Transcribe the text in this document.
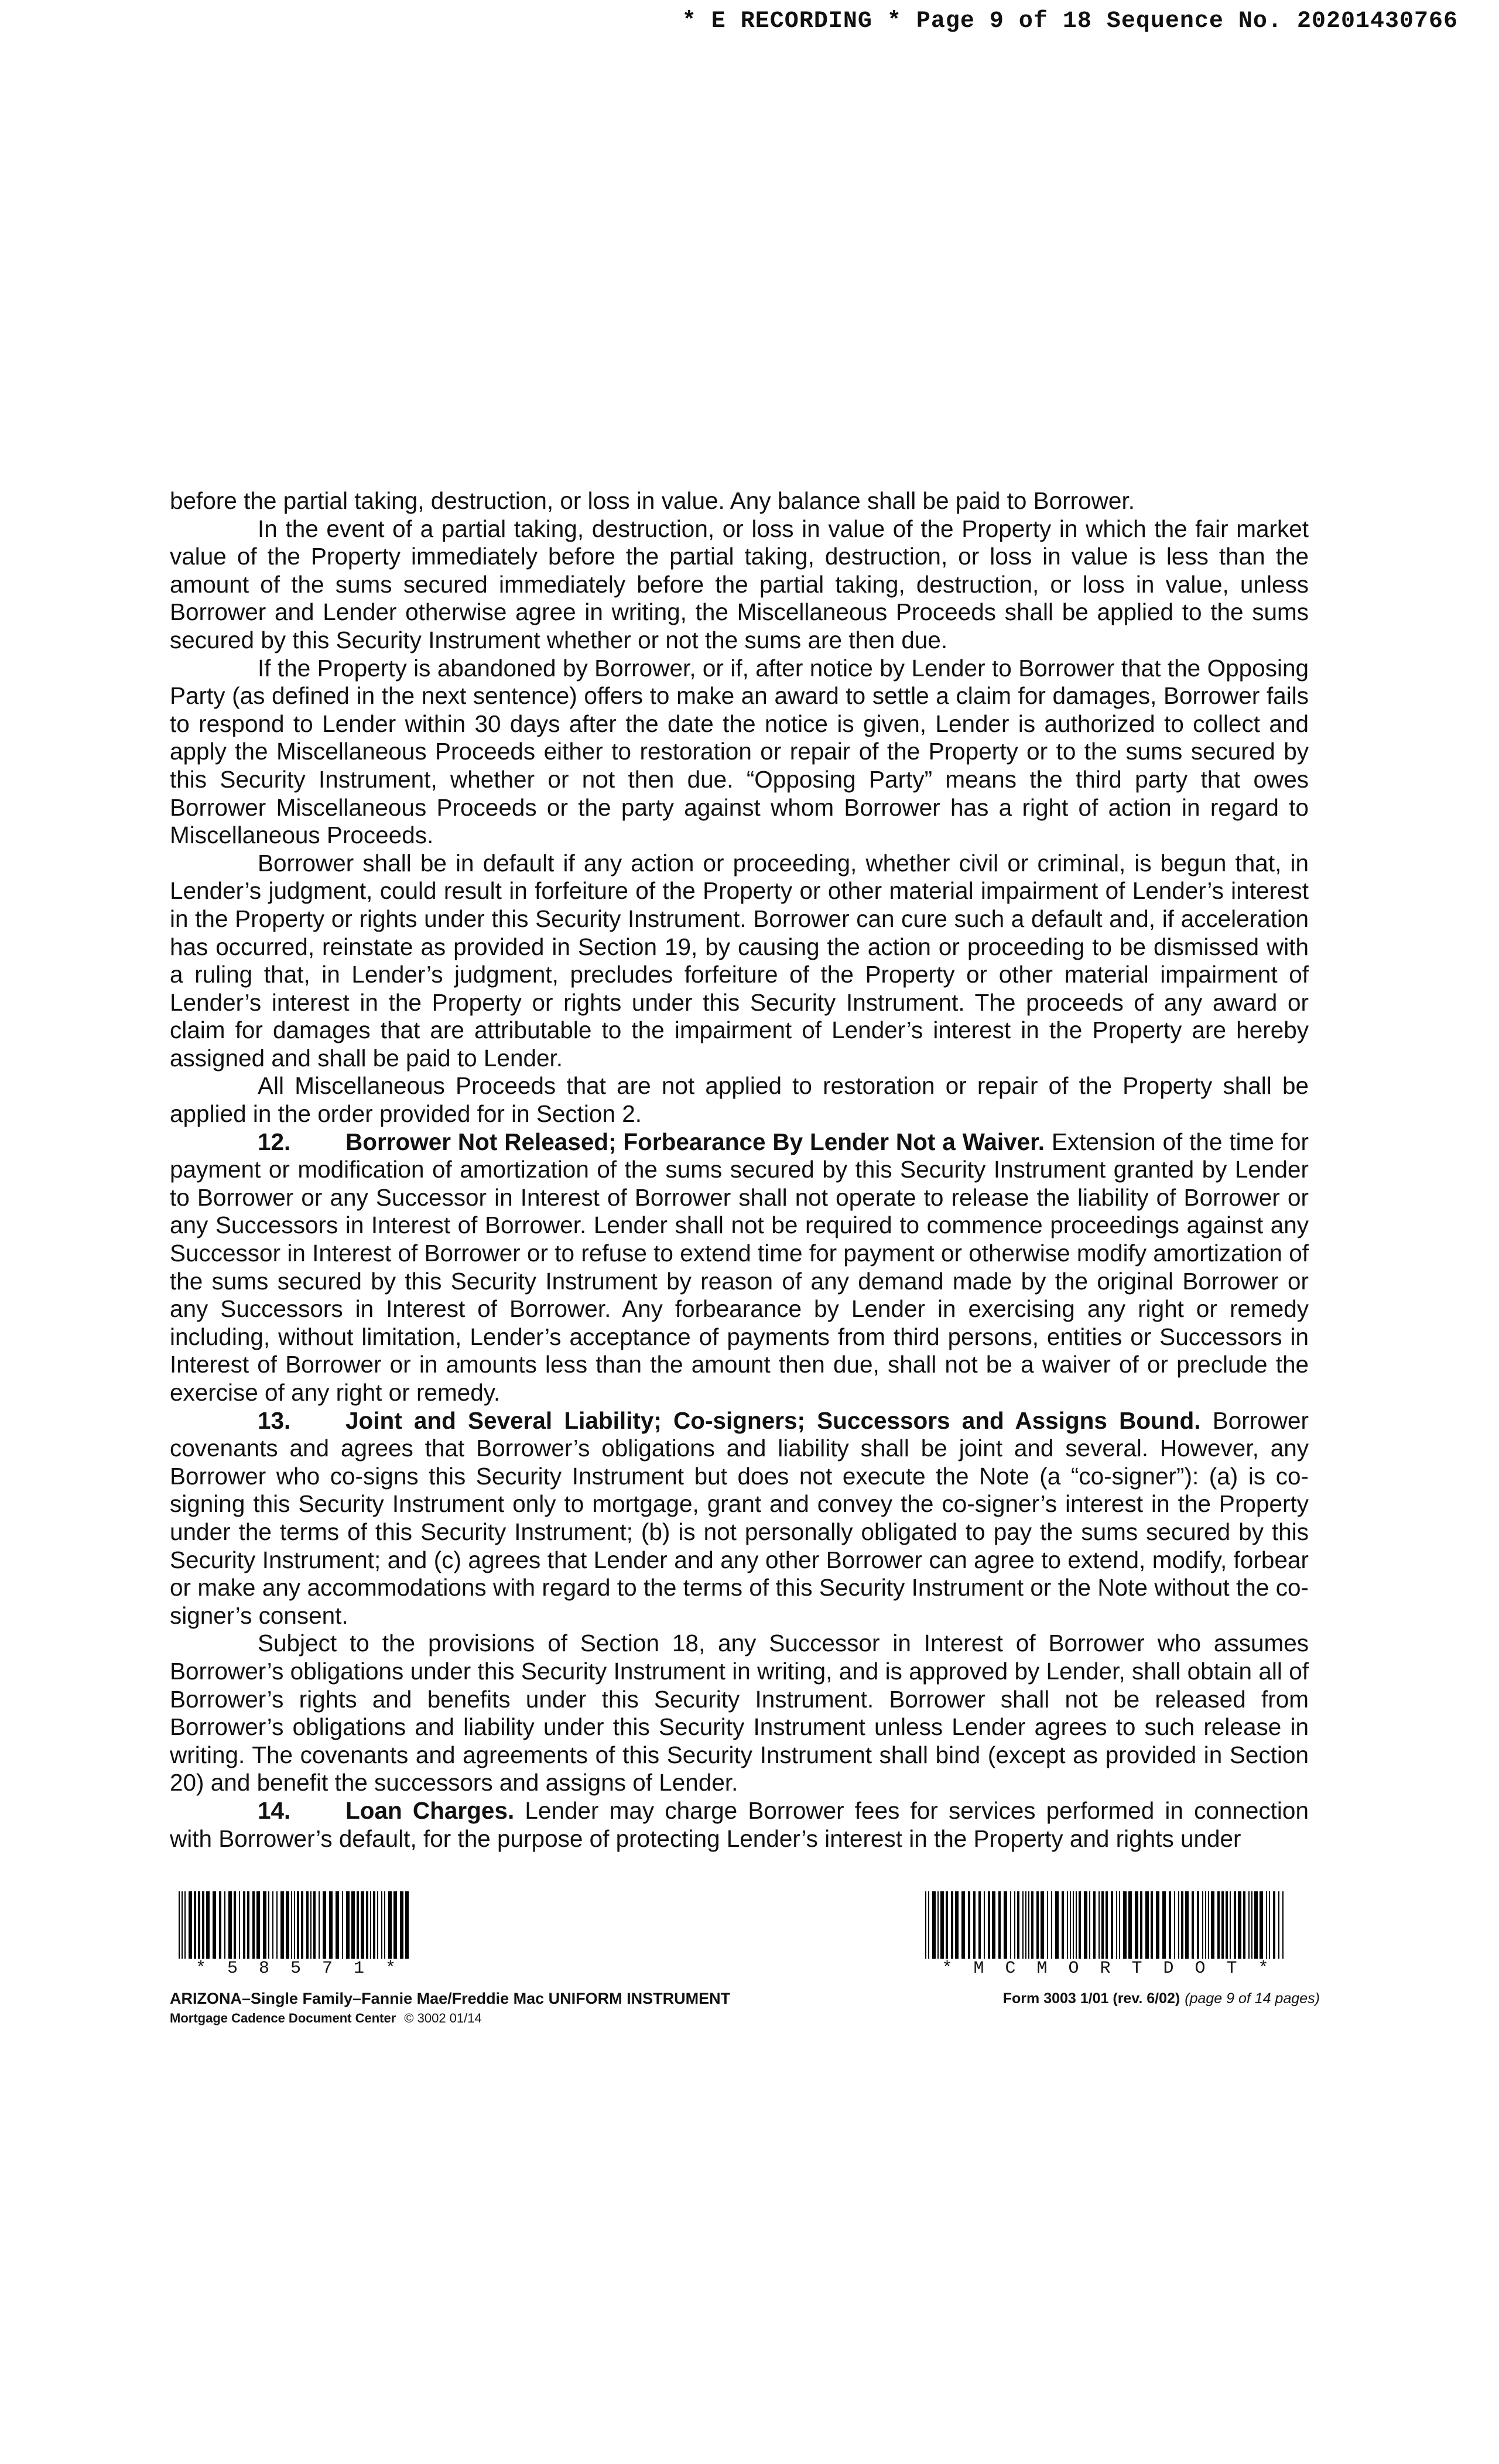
* E RECORDING * Page 9 of 18 Sequence No. 20201430766

before the partial taking, destruction, or loss in value. Any balance shall be paid to Borrower.

In the event of a partial taking, destruction, or loss in value of the Property in which the fair market value of the Property immediately before the partial taking, destruction, or loss in value is less than the amount of the sums secured immediately before the partial taking, destruction, or loss in value, unless Borrower and Lender otherwise agree in writing, the Miscellaneous Proceeds shall be applied to the sums secured by this Security Instrument whether or not the sums are then due.

If the Property is abandoned by Borrower, or if, after notice by Lender to Borrower that the Opposing Party (as defined in the next sentence) offers to make an award to settle a claim for damages, Borrower fails to respond to Lender within 30 days after the date the notice is given, Lender is authorized to collect and apply the Miscellaneous Proceeds either to restoration or repair of the Property or to the sums secured by this Security Instrument, whether or not then due. “Opposing Party” means the third party that owes Borrower Miscellaneous Proceeds or the party against whom Borrower has a right of action in regard to Miscellaneous Proceeds.

Borrower shall be in default if any action or proceeding, whether civil or criminal, is begun that, in Lender’s judgment, could result in forfeiture of the Property or other material impairment of Lender’s interest in the Property or rights under this Security Instrument. Borrower can cure such a default and, if acceleration has occurred, reinstate as provided in Section 19, by causing the action or proceeding to be dismissed with a ruling that, in Lender’s judgment, precludes forfeiture of the Property or other material impairment of Lender’s interest in the Property or rights under this Security Instrument. The proceeds of any award or claim for damages that are attributable to the impairment of Lender’s interest in the Property are hereby assigned and shall be paid to Lender.

All Miscellaneous Proceeds that are not applied to restoration or repair of the Property shall be applied in the order provided for in Section 2.

12. Borrower Not Released; Forbearance By Lender Not a Waiver. Extension of the time for payment or modification of amortization of the sums secured by this Security Instrument granted by Lender to Borrower or any Successor in Interest of Borrower shall not operate to release the liability of Borrower or any Successors in Interest of Borrower. Lender shall not be required to commence proceedings against any Successor in Interest of Borrower or to refuse to extend time for payment or otherwise modify amortization of the sums secured by this Security Instrument by reason of any demand made by the original Borrower or any Successors in Interest of Borrower. Any forbearance by Lender in exercising any right or remedy including, without limitation, Lender’s acceptance of payments from third persons, entities or Successors in Interest of Borrower or in amounts less than the amount then due, shall not be a waiver of or preclude the exercise of any right or remedy.

13. Joint and Several Liability; Co-signers; Successors and Assigns Bound. Borrower covenants and agrees that Borrower’s obligations and liability shall be joint and several. However, any Borrower who co-signs this Security Instrument but does not execute the Note (a “co-signer”): (a) is co-signing this Security Instrument only to mortgage, grant and convey the co-signer’s interest in the Property under the terms of this Security Instrument; (b) is not personally obligated to pay the sums secured by this Security Instrument; and (c) agrees that Lender and any other Borrower can agree to extend, modify, forbear or make any accommodations with regard to the terms of this Security Instrument or the Note without the co-signer’s consent.

Subject to the provisions of Section 18, any Successor in Interest of Borrower who assumes Borrower’s obligations under this Security Instrument in writing, and is approved by Lender, shall obtain all of Borrower’s rights and benefits under this Security Instrument. Borrower shall not be released from Borrower’s obligations and liability under this Security Instrument unless Lender agrees to such release in writing. The covenants and agreements of this Security Instrument shall bind (except as provided in Section 20) and benefit the successors and assigns of Lender.

14. Loan Charges. Lender may charge Borrower fees for services performed in connection with Borrower’s default, for the purpose of protecting Lender’s interest in the Property and rights under

*  5  8  5  7  1  *	*  M  C  M  O  R  T  D  O  T  *
ARIZONA–Single Family–Fannie Mae/Freddie Mac UNIFORM INSTRUMENT
Mortgage Cadence Document Center © 3002 01/14
Form 3003 1/01 (rev. 6/02) (page 9 of 14 pages)
